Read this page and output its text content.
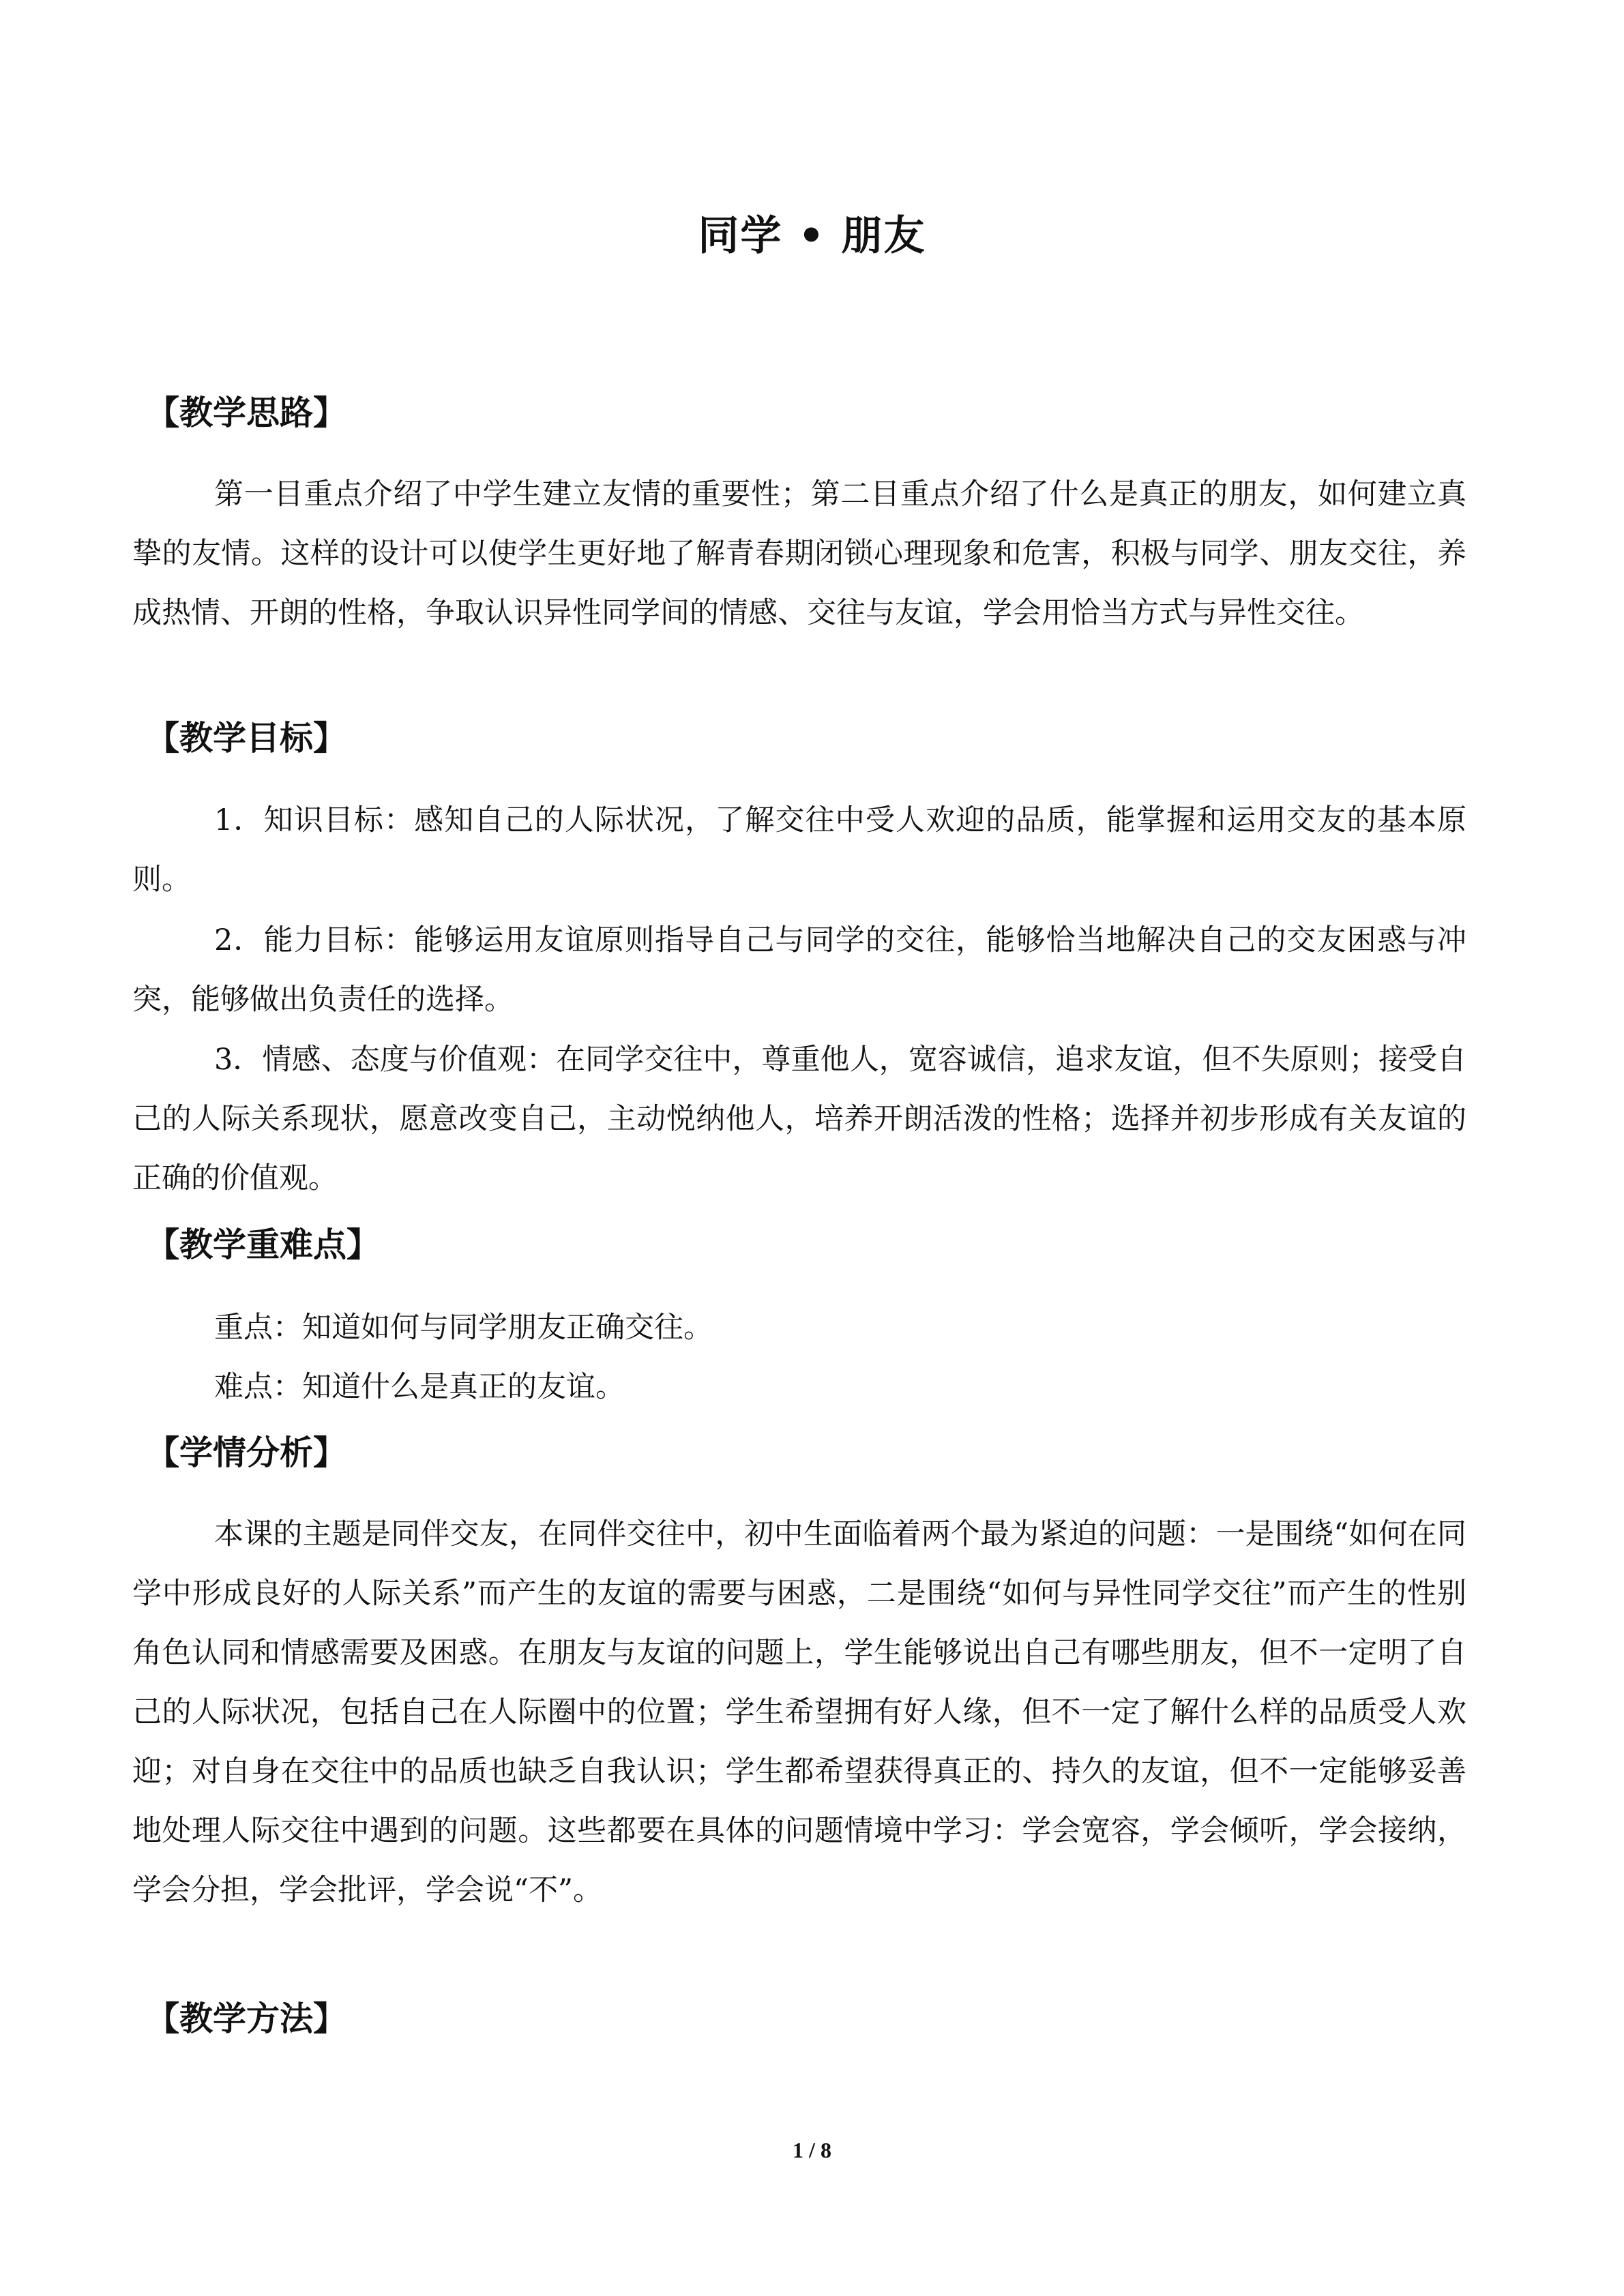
同学 • 朋友
【教学思路】

第一目重点介绍了中学生建立友情的重要性；第二目重点介绍了什么是真正的朋友，如何建立真挚的友情。这样的设计可以使学生更好地了解青春期闭锁心理现象和危害，积极与同学、朋友交往，养成热情、开朗的性格，争取认识异性同学间的情感、交往与友谊，学会用恰当方式与异性交往。

【教学目标】

1．知识目标：感知自己的人际状况，了解交往中受人欢迎的品质，能掌握和运用交友的基本原则。

2．能力目标：能够运用友谊原则指导自己与同学的交往，能够恰当地解决自己的交友困惑与冲突，能够做出负责任的选择。

3．情感、态度与价值观：在同学交往中，尊重他人，宽容诚信，追求友谊，但不失原则；接受自己的人际关系现状，愿意改变自己，主动悦纳他人，培养开朗活泼的性格；选择并初步形成有关友谊的正确的价值观。

【教学重难点】

重点：知道如何与同学朋友正确交往。

难点：知道什么是真正的友谊。

【学情分析】

本课的主题是同伴交友，在同伴交往中，初中生面临着两个最为紧迫的问题：一是围绕“如何在同学中形成良好的人际关系”而产生的友谊的需要与困惑，二是围绕“如何与异性同学交往”而产生的性别角色认同和情感需要及困惑。在朋友与友谊的问题上，学生能够说出自己有哪些朋友，但不一定明了自己的人际状况，包括自己在人际圈中的位置；学生希望拥有好人缘，但不一定了解什么样的品质受人欢迎；对自身在交往中的品质也缺乏自我认识；学生都希望获得真正的、持久的友谊，但不一定能够妥善地处理人际交往中遇到的问题。这些都要在具体的问题情境中学习：学会宽容，学会倾听，学会接纳，学会分担，学会批评，学会说“不”。

【教学方法】
1 / 8
